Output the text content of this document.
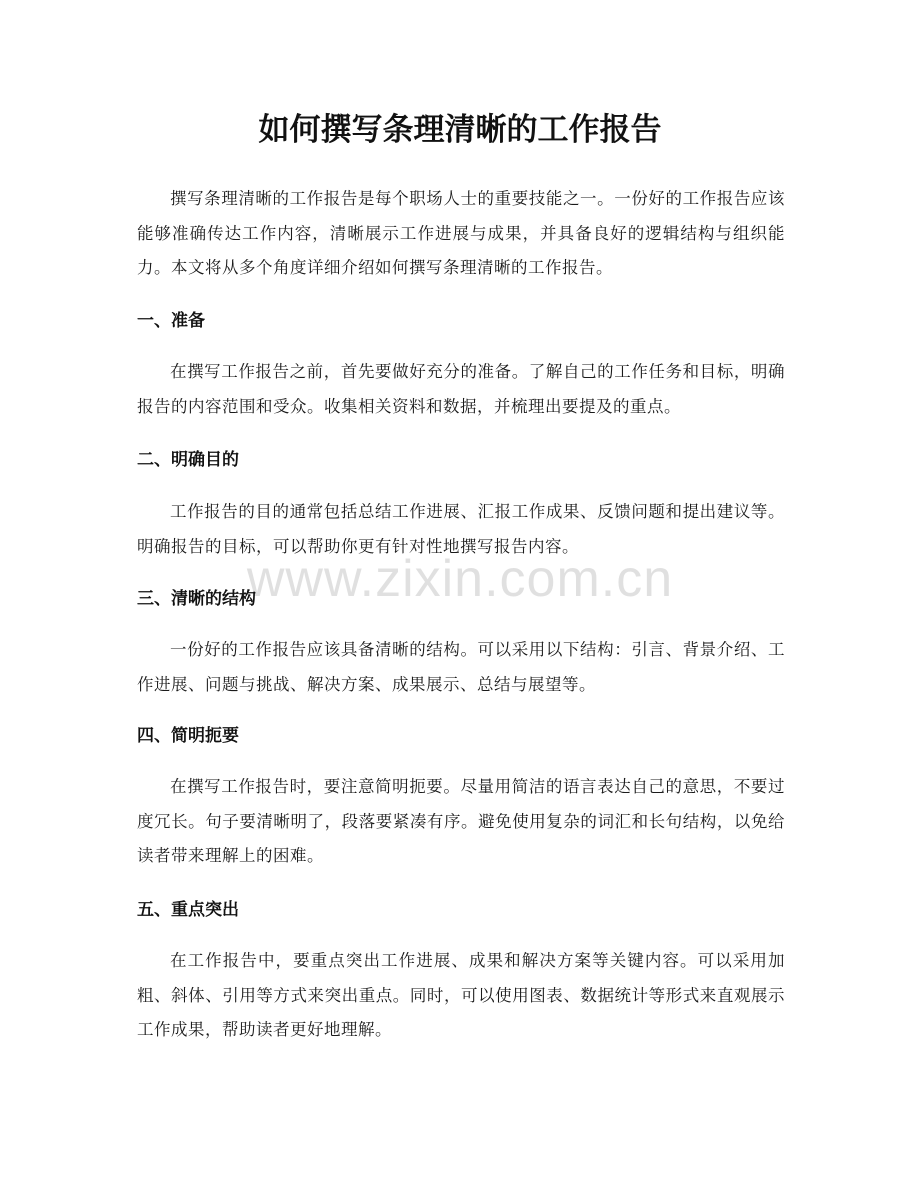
如何撰写条理清晰的工作报告

撰写条理清晰的工作报告是每个职场人士的重要技能之一。一份好的工作报告应该能够准确传达工作内容，清晰展示工作进展与成果，并具备良好的逻辑结构与组织能力。本文将从多个角度详细介绍如何撰写条理清晰的工作报告。

一、准备

在撰写工作报告之前，首先要做好充分的准备。了解自己的工作任务和目标，明确报告的内容范围和受众。收集相关资料和数据，并梳理出要提及的重点。

二、明确目的

工作报告的目的通常包括总结工作进展、汇报工作成果、反馈问题和提出建议等。明确报告的目标，可以帮助你更有针对性地撰写报告内容。

三、清晰的结构

一份好的工作报告应该具备清晰的结构。可以采用以下结构：引言、背景介绍、工作进展、问题与挑战、解决方案、成果展示、总结与展望等。

四、简明扼要

在撰写工作报告时，要注意简明扼要。尽量用简洁的语言表达自己的意思，不要过度冗长。句子要清晰明了，段落要紧凑有序。避免使用复杂的词汇和长句结构，以免给读者带来理解上的困难。

五、重点突出

在工作报告中，要重点突出工作进展、成果和解决方案等关键内容。可以采用加粗、斜体、引用等方式来突出重点。同时，可以使用图表、数据统计等形式来直观展示工作成果，帮助读者更好地理解。

www.zixin.com.cn
